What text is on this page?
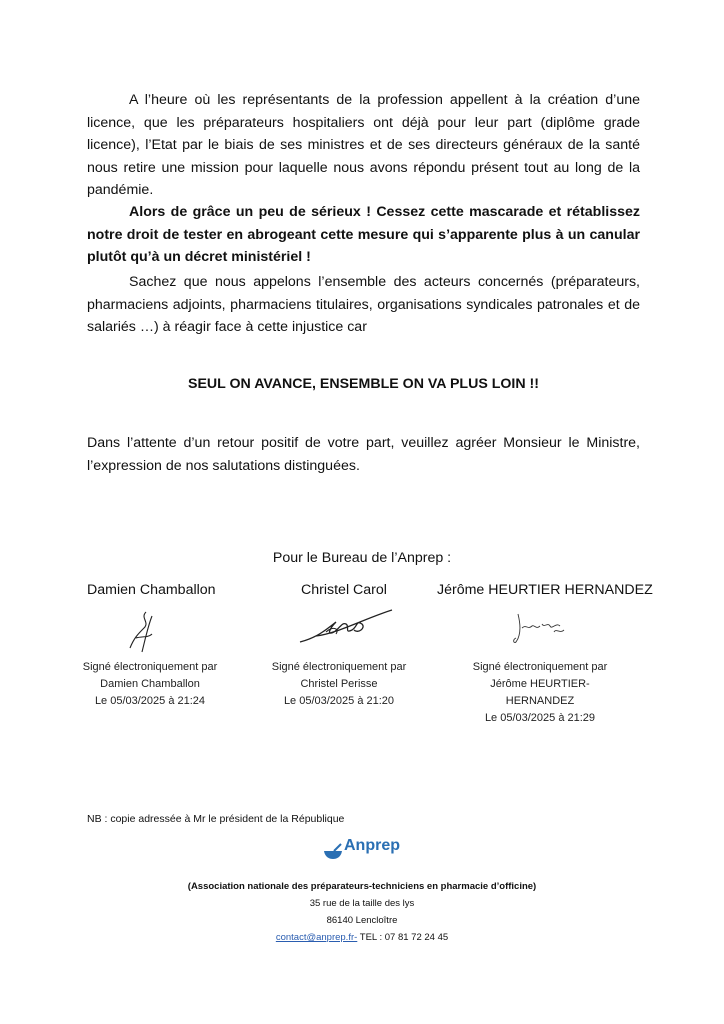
A l’heure où les représentants de la profession appellent à la création d’une licence, que les préparateurs hospitaliers ont déjà pour leur part (diplôme grade licence), l’Etat par le biais de ses ministres et de ses directeurs généraux de la santé nous retire une mission pour laquelle nous avons répondu présent tout au long de la pandémie.
Alors de grâce un peu de sérieux ! Cessez cette mascarade et rétablissez notre droit de tester en abrogeant cette mesure qui s’apparente plus à un canular plutôt qu’à un décret ministériel !
Sachez que nous appelons l’ensemble des acteurs concernés (préparateurs, pharmaciens adjoints, pharmaciens titulaires, organisations syndicales patronales et de salariés …) à réagir face à cette injustice car
SEUL ON AVANCE, ENSEMBLE ON VA PLUS LOIN !!
Dans l’attente d’un retour positif de votre part, veuillez agréer Monsieur le Ministre, l’expression de nos salutations distinguées.
Pour le Bureau de l’Anprep :
Damien Chamballon
Signé électroniquement par
Damien Chamballon
Le 05/03/2025 à 21:24
Christel Carol
Signé électroniquement par
Christel Perisse
Le 05/03/2025 à 21:20
Jérôme HEURTIER HERNANDEZ
Signé électroniquement par
Jérôme HEURTIER-HERNANDEZ
Le 05/03/2025 à 21:29
NB : copie adressée à Mr le président de la République
Anprep
(Association nationale des préparateurs-techniciens en pharmacie d’officine)
35 rue de la taille des lys
86140 Lencloître
contact@anprep.fr- TEL : 07 81 72 24 45
